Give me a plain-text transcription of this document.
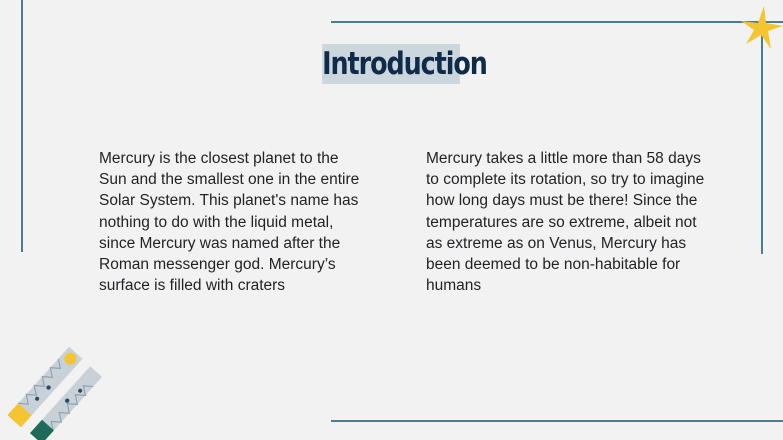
Introduction

Mercury is the closest planet to the Sun and the smallest one in the entire Solar System. This planet's name has nothing to do with the liquid metal, since Mercury was named after the Roman messenger god. Mercury’s surface is filled with craters

Mercury takes a little more than 58 days to complete its rotation, so try to imagine how long days must be there! Since the temperatures are so extreme, albeit not as extreme as on Venus, Mercury has been deemed to be non-habitable for humans
